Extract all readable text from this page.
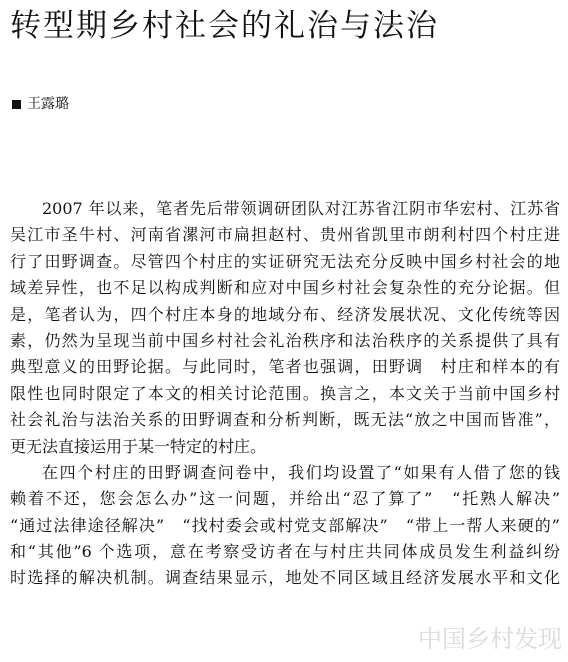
转型期乡村社会的礼治与法治
王露璐
2007 年以来，笔者先后带领调研团队对江苏省江阴市华宏村、江苏省
吴江市圣牛村、河南省漯河市扁担赵村、贵州省凯里市朗利村四个村庄进
行了田野调查。尽管四个村庄的实证研究无法充分反映中国乡村社会的地
域差异性，也不足以构成判断和应对中国乡村社会复杂性的充分论据。但
是，笔者认为，四个村庄本身的地域分布、经济发展状况、文化传统等因
素，仍然为呈现当前中国乡村社会礼治秩序和法治秩序的关系提供了具有
典型意义的田野论据。与此同时，笔者也强调，田野调　村庄和样本的有
限性也同时限定了本文的相关讨论范围。换言之，本文关于当前中国乡村
社会礼治与法治关系的田野调查和分析判断，既无法“放之中国而皆准”，
更无法直接运用于某一特定的村庄。
在四个村庄的田野调查问卷中，我们均设置了“如果有人借了您的钱
赖着不还，您会怎么办”这一问题，并给出“忍了算了”　“托熟人解决”
“通过法律途径解决”　“找村委会或村党支部解决”　“带上一帮人来硬的”
和“其他”6 个选项，意在考察受访者在与村庄共同体成员发生利益纠纷
时选择的解决机制。调查结果显示，地处不同区域且经济发展水平和文化
中国乡村发现
